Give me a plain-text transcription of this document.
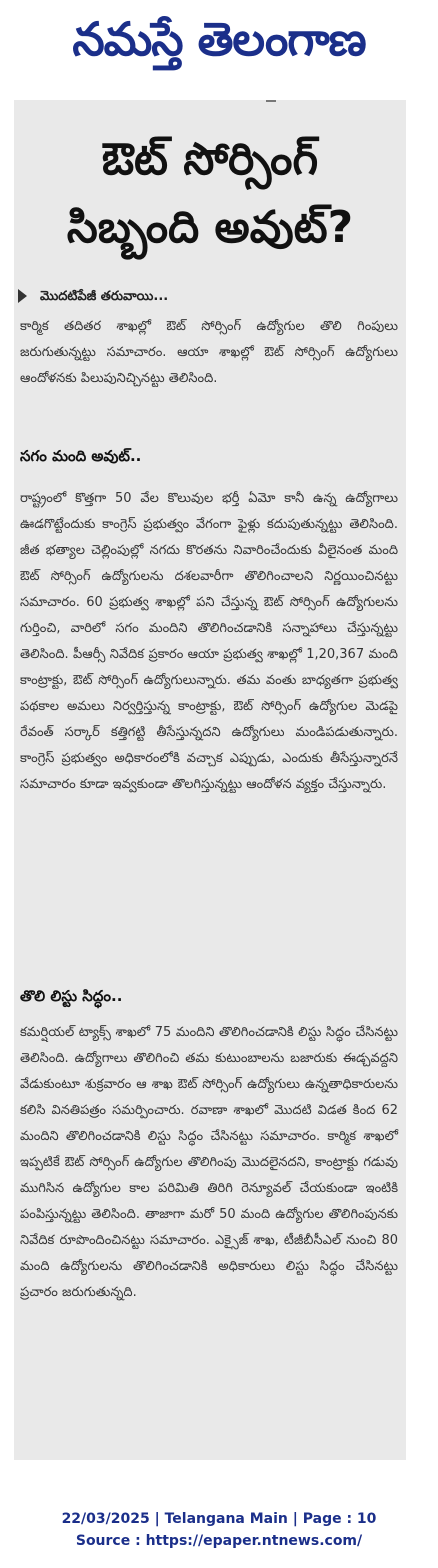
నమస్తే తెలంగాణ
ఔట్ సోర్సింగ్
సిబ్బంది అవుట్?
మొదటిపేజీ తరువాయి...
కార్మిక తదితర శాఖల్లో ఔట్ సోర్సింగ్ ఉద్యోగుల తొలి గింపులు జరుగుతున్నట్టు సమాచారం. ఆయా శాఖల్లో ఔట్ సోర్సింగ్ ఉద్యోగులు ఆందోళనకు పిలుపునిచ్చినట్టు తెలిసింది.
సగం మంది అవుట్..
రాష్ట్రంలో కొత్తగా 50 వేల కొలువుల భర్తీ ఏమో కానీ ఉన్న ఉద్యోగాలు ఊడగొట్టేందుకు కాంగ్రెస్ ప్రభుత్వం వేగంగా ఫైళ్లు కదుపుతున్నట్టు తెలిసింది. జీత భత్యాల చెల్లింపుల్లో నగదు కొరతను నివారించేందుకు వీలైనంత మంది ఔట్ సోర్సింగ్ ఉద్యోగులను దశలవారీగా తొలిగించాలని నిర్ణయించినట్టు సమాచారం. 60 ప్రభుత్వ శాఖల్లో పని చేస్తున్న ఔట్ సోర్సింగ్ ఉద్యోగులను గుర్తించి, వారిలో సగం మందిని తొలిగించడానికి సన్నాహాలు చేస్తున్నట్టు తెలిసింది. పీఆర్సీ నివేదిక ప్రకారం ఆయా ప్రభుత్వ శాఖల్లో 1,20,367 మంది కాంట్రాక్టు, ఔట్ సోర్సింగ్ ఉద్యోగులున్నారు. తమ వంతు బాధ్యతగా ప్రభుత్వ పథకాల అమలు నిర్వర్తిస్తున్న కాంట్రాక్టు, ఔట్ సోర్సింగ్ ఉద్యోగుల మెడపై రేవంత్ సర్కార్ కత్తిగట్టి తీసేస్తున్నదని ఉద్యోగులు మండిపడుతున్నారు. కాంగ్రెస్ ప్రభుత్వం అధికారంలోకి వచ్చాక ఎప్పుడు, ఎందుకు తీసేస్తున్నారనే సమాచారం కూడా ఇవ్వకుండా తొలగిస్తున్నట్టు ఆందోళన వ్యక్తం చేస్తున్నారు.
తొలి లిస్టు సిద్ధం..
కమర్షియల్ ట్యాక్స్ శాఖలో 75 మందిని తొలిగించడానికి లిస్టు సిద్ధం చేసినట్టు తెలిసింది. ఉద్యోగాలు తొలిగించి తమ కుటుంబాలను బజారుకు ఈడ్చవద్దని వేడుకుంటూ శుక్రవారం ఆ శాఖ ఔట్ సోర్సింగ్ ఉద్యోగులు ఉన్నతాధికారులను కలిసి వినతిపత్రం సమర్పించారు. రవాణా శాఖలో మొదటి విడత కింద 62 మందిని తొలిగించడానికి లిస్టు సిద్ధం చేసినట్టు సమాచారం. కార్మిక శాఖలో ఇప్పటికే ఔట్ సోర్సింగ్ ఉద్యోగుల తొలిగింపు మొదలైనదని, కాంట్రాక్టు గడువు ముగిసిన ఉద్యోగుల కాల పరిమితి తిరిగి రెన్యూవల్ చేయకుండా ఇంటికి పంపిస్తున్నట్టు తెలిసింది. తాజాగా మరో 50 మంది ఉద్యోగుల తొలిగింపునకు నివేదిక రూపొందించినట్టు సమాచారం. ఎక్సైజ్ శాఖ, టీజీబీసీఎల్ నుంచి 80 మంది ఉద్యోగులను తొలిగించడానికి అధికారులు లిస్టు సిద్ధం చేసినట్టు ప్రచారం జరుగుతున్నది.
22/03/2025 | Telangana Main | Page : 10
Source : https://epaper.ntnews.com/
